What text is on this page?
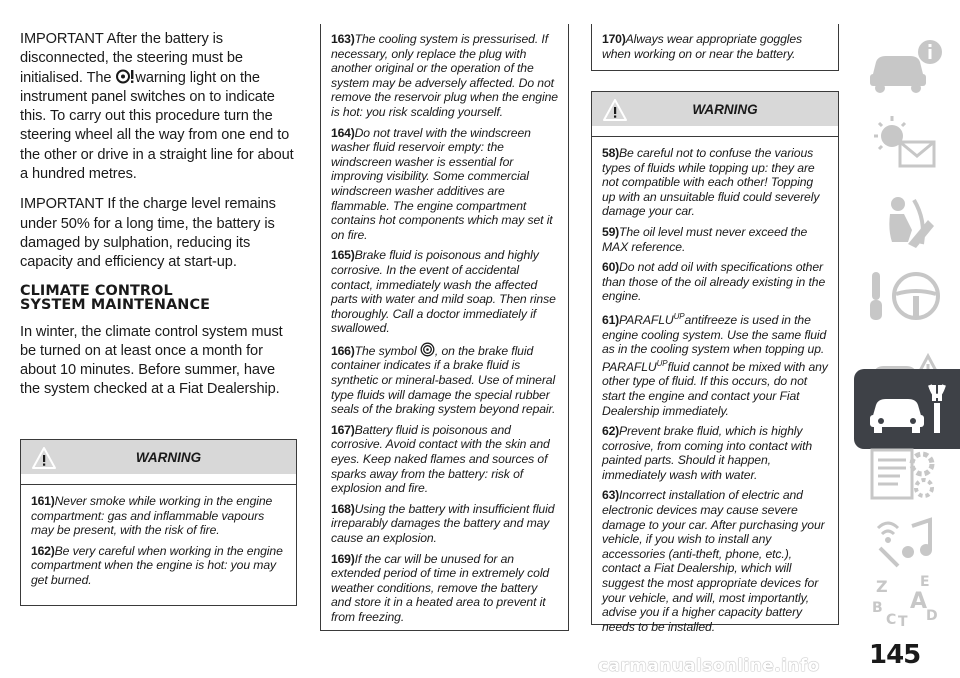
IMPORTANT After the battery is disconnected, the steering must be initialised. The warning light on the instrument panel switches on to indicate this. To carry out this procedure turn the steering wheel all the way from one end to the other or drive in a straight line for about a hundred metres.

IMPORTANT If the charge level remains under 50% for a long time, the battery is damaged by sulphation, reducing its capacity and efficiency at start-up.

CLIMATE CONTROL
SYSTEM MAINTENANCE

In winter, the climate control system must be turned on at least once a month for about 10 minutes. Before summer, have the system checked at a Fiat Dealership.

WARNING

161)Never smoke while working in the engine compartment: gas and inflammable vapours may be present, with the risk of fire.

162)Be very careful when working in the engine compartment when the engine is hot: you may get burned.

163)The cooling system is pressurised. If necessary, only replace the plug with another original or the operation of the system may be adversely affected. Do not remove the reservoir plug when the engine is hot: you risk scalding yourself.

164)Do not travel with the windscreen washer fluid reservoir empty: the windscreen washer is essential for improving visibility. Some commercial windscreen washer additives are flammable. The engine compartment contains hot components which may set it on fire.

165)Brake fluid is poisonous and highly corrosive. In the event of accidental contact, immediately wash the affected parts with water and mild soap. Then rinse thoroughly. Call a doctor immediately if swallowed.

166)The symbol , on the brake fluid container indicates if a brake fluid is synthetic or mineral-based. Use of mineral type fluids will damage the special rubber seals of the braking system beyond repair.

167)Battery fluid is poisonous and corrosive. Avoid contact with the skin and eyes. Keep naked flames and sources of sparks away from the battery: risk of explosion and fire.

168)Using the battery with insufficient fluid irreparably damages the battery and may cause an explosion.

169)If the car will be unused for an extended period of time in extremely cold weather conditions, remove the battery and store it in a heated area to prevent it from freezing.

170)Always wear appropriate goggles when working on or near the battery.

WARNING

58)Be careful not to confuse the various types of fluids while topping up: they are not compatible with each other! Topping up with an unsuitable fluid could severely damage your car.

59)The oil level must never exceed the MAX reference.

60)Do not add oil with specifications other than those of the oil already existing in the engine.

$61)PARAFLU^{UP}antifreeze$ is used in the engine cooling system. Use the same fluid as in the cooling system when topping up. $PARAFLU^{UP}fluid$ cannot be mixed with any other type of fluid. If this occurs, do not start the engine and contact your Fiat Dealership immediately.

62)Prevent brake fluid, which is highly corrosive, from coming into contact with painted parts. Should it happen, immediately wash with water.

63)Incorrect installation of electric and electronic devices may cause severe damage to your car. After purchasing your vehicle, if you wish to install any accessories (anti-theft, phone, etc.), contact a Fiat Dealership, which will suggest the most appropriate devices for your vehicle, and will, most importantly, advise you if a higher capacity battery needs to be installed.

Z E
B A
C T D
145
carmanualsonline.info
